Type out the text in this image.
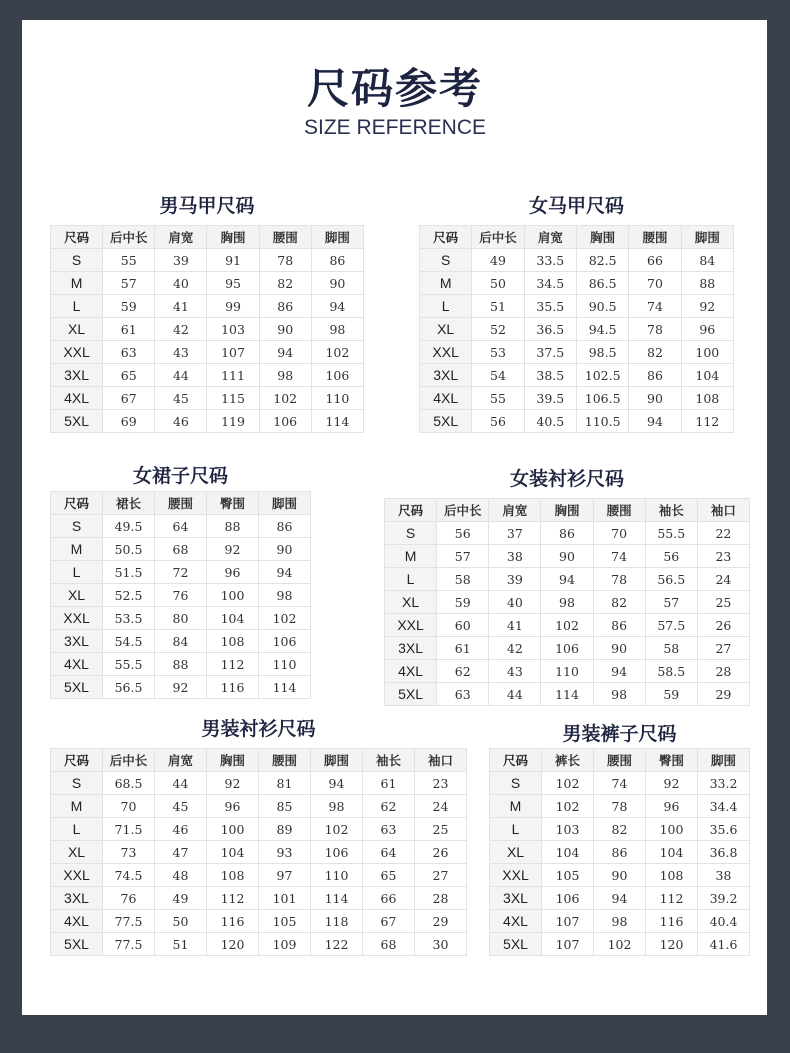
尺码参考
SIZE REFERENCE
男马甲尺码
尺码	后中长	肩宽	胸围	腰围	脚围
S	55	39	91	78	86
M	57	40	95	82	90
L	59	41	99	86	94
XL	61	42	103	90	98
XXL	63	43	107	94	102
3XL	65	44	111	98	106
4XL	67	45	115	102	110
5XL	69	46	119	106	114
女马甲尺码
尺码	后中长	肩宽	胸围	腰围	脚围
S	49	33.5	82.5	66	84
M	50	34.5	86.5	70	88
L	51	35.5	90.5	74	92
XL	52	36.5	94.5	78	96
XXL	53	37.5	98.5	82	100
3XL	54	38.5	102.5	86	104
4XL	55	39.5	106.5	90	108
5XL	56	40.5	110.5	94	112
女裙子尺码
尺码	裙长	腰围	臀围	脚围
S	49.5	64	88	86
M	50.5	68	92	90
L	51.5	72	96	94
XL	52.5	76	100	98
XXL	53.5	80	104	102
3XL	54.5	84	108	106
4XL	55.5	88	112	110
5XL	56.5	92	116	114
女装衬衫尺码
尺码	后中长	肩宽	胸围	腰围	袖长	袖口
S	56	37	86	70	55.5	22
M	57	38	90	74	56	23
L	58	39	94	78	56.5	24
XL	59	40	98	82	57	25
XXL	60	41	102	86	57.5	26
3XL	61	42	106	90	58	27
4XL	62	43	110	94	58.5	28
5XL	63	44	114	98	59	29
男装衬衫尺码
尺码	后中长	肩宽	胸围	腰围	脚围	袖长	袖口
S	68.5	44	92	81	94	61	23
M	70	45	96	85	98	62	24
L	71.5	46	100	89	102	63	25
XL	73	47	104	93	106	64	26
XXL	74.5	48	108	97	110	65	27
3XL	76	49	112	101	114	66	28
4XL	77.5	50	116	105	118	67	29
5XL	77.5	51	120	109	122	68	30
男装裤子尺码
尺码	裤长	腰围	臀围	脚围
S	102	74	92	33.2
M	102	78	96	34.4
L	103	82	100	35.6
XL	104	86	104	36.8
XXL	105	90	108	38
3XL	106	94	112	39.2
4XL	107	98	116	40.4
5XL	107	102	120	41.6
